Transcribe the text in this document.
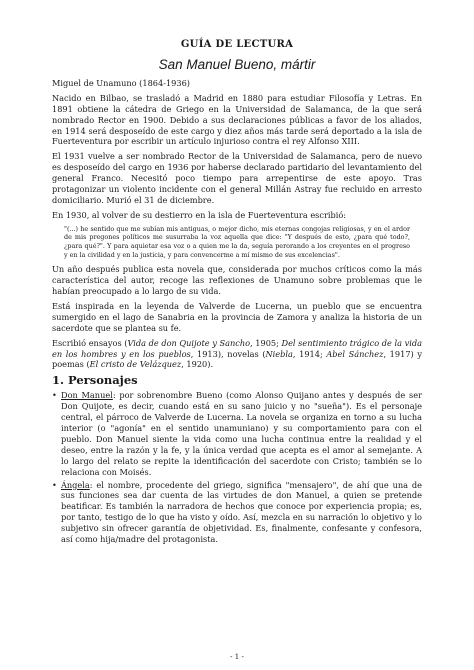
GUÍA DE LECTURA
San Manuel Bueno, mártir

Miguel de Unamuno (1864-1936)

Nacido en Bilbao, se trasladó a Madrid en 1880 para estudiar Filosofía y Letras. En 1891 obtiene la cátedra de Griego en la Universidad de Salamanca, de la que será nombrado Rector en 1900. Debido a sus declaraciones públicas a favor de los aliados, en 1914 será desposeído de este cargo y diez años más tarde será deportado a la isla de Fuerteventura por escribir un artículo injurioso contra el rey Alfonso XIII.

El 1931 vuelve a ser nombrado Rector de la Universidad de Salamanca, pero de nuevo es desposeído del cargo en 1936 por haberse declarado partidario del levantamiento del general Franco. Necesitó poco tiempo para arrepentirse de este apoyo. Tras protagonizar un violento incidente con el general Millán Astray fue recluido en arresto domiciliario. Murió el 31 de diciembre.

En 1930, al volver de su destierro en la isla de Fuerteventura escribió:

"(...) he sentido que me subían mis antiguas, o mejor dicho, mis eternas congojas religiosas, y en el ardor de mis pregones políticos me susurraba la voz aquella que dice: "Y después de esto, ¿para qué todo?, ¿para qué?". Y para aquietar esa voz o a quien me la da, seguía perorando a los creyentes en el progreso y en la civilidad y en la justicia, y para convencerme a mí mismo de sus excelencias".

Un año después publica esta novela que, considerada por muchos críticos como la más característica del autor, recoge las reflexiones de Unamuno sobre problemas que le habían preocupado a lo largo de su vida.

Está inspirada en la leyenda de Valverde de Lucerna, un pueblo que se encuentra sumergido en el lago de Sanabria en la provincia de Zamora y analiza la historia de un sacerdote que se plantea su fe.

Escribió ensayos (Vida de don Quijote y Sancho, 1905; Del sentimiento trágico de la vida en los hombres y en los pueblos, 1913), novelas (Niebla, 1914; Abel Sánchez, 1917) y poemas (El cristo de Velázquez, 1920).

1. Personajes
• Don Manuel: por sobrenombre Bueno (como Alonso Quijano antes y después de ser Don Quijote, es decir, cuando está en su sano juicio y no "sueña"). Es el personaje central, el párroco de Valverde de Lucerna. La novela se organiza en torno a su lucha interior (o "agonía" en el sentido unamuniano) y su comportamiento para con el pueblo. Don Manuel siente la vida como una lucha continua entre la realidad y el deseo, entre la razón y la fe, y la única verdad que acepta es el amor al semejante. A lo largo del relato se repite la identificación del sacerdote con Cristo; también se lo relaciona con Moisés.
• Ángela: el nombre, procedente del griego, significa "mensajero", de ahí que una de sus funciones sea dar cuenta de las virtudes de don Manuel, a quien se pretende beatificar. Es también la narradora de hechos que conoce por experiencia propia; es, por tanto, testigo de lo que ha visto y oído. Así, mezcla en su narración lo objetivo y lo subjetivo sin ofrecer garantía de objetividad. Es, finalmente, confesante y confesora, así como hija/madre del protagonista.
- 1 -
